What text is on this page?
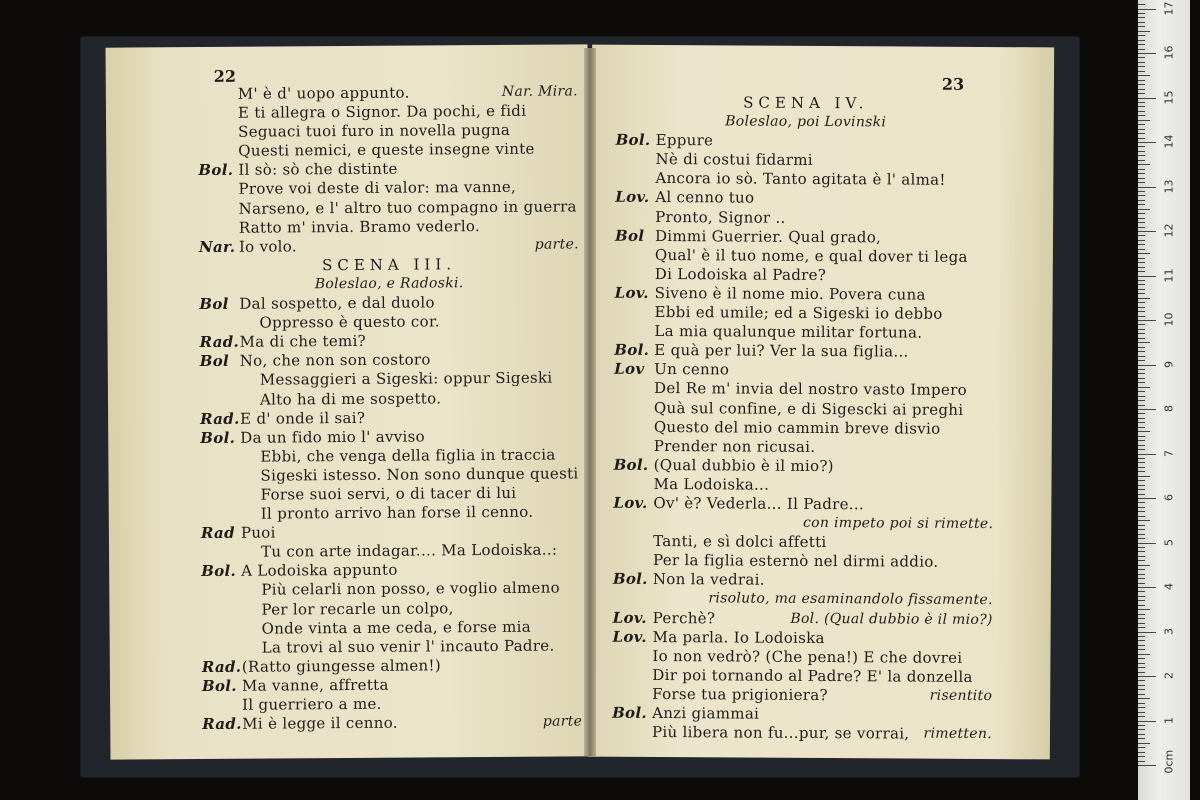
22
M' è d' uopo appunto.	Nar. Mira.
E ti allegra o Signor. Da pochi, e fidi
Seguaci tuoi furo in novella pugna
Questi nemici, e queste insegne vinte
Bol. Il sò: sò che distinte
Prove voi deste di valor: ma vanne,
Narseno, e l' altro tuo compagno in guerra
Ratto m' invia. Bramo vederlo.
Nar. Io volo.	parte.
SCENA III.
Boleslao, e Radoski.
Bol Dal sospetto, e dal duolo
Oppresso è questo cor.
Rad.Ma di che temi?
Bol No, che non son costoro
Messaggieri a Sigeski: oppur Sigeski
Alto ha di me sospetto.
Rad.E d' onde il sai?
Bol. Da un fido mio l' avviso
Ebbi, che venga della figlia in traccia
Sigeski istesso. Non sono dunque questi
Forse suoi servi, o di tacer di lui
Il pronto arrivo han forse il cenno.
Rad Puoi
Tu con arte indagar.... Ma Lodoiska..:
Bol. A Lodoiska appunto
Più celarli non posso, e voglio almeno
Per lor recarle un colpo,
Onde vinta a me ceda, e forse mia
La trovi al suo venir l' incauto Padre.
Rad.(Ratto giungesse almen!)
Bol. Ma vanne, affretta
Il guerriero a me.
Rad.Mi è legge il cenno.	parte
23
SCENA IV.
Boleslao, poi Lovinski
Bol. Eppure
Nè di costui fidarmi
Ancora io sò. Tanto agitata è l' alma!
Lov. Al cenno tuo
Pronto, Signor ..
Bol Dimmi Guerrier. Qual grado,
Qual' è il tuo nome, e qual dover ti lega
Di Lodoiska al Padre?
Lov. Siveno è il nome mio. Povera cuna
Ebbi ed umile; ed a Sigeski io debbo
La mia qualunque militar fortuna.
Bol. E quà per lui? Ver la sua figlia...
Lov Un cenno
Del Re m' invia del nostro vasto Impero
Quà sul confine, e di Sigescki ai preghi
Questo del mio cammin breve disvio
Prender non ricusai.
Bol. (Qual dubbio è il mio?)
Ma Lodoiska...
Lov. Ov' è? Vederla... Il Padre...
con impeto poi si rimette.
Tanti, e sì dolci affetti
Per la figlia esternò nel dirmi addio.
Bol. Non la vedrai.
risoluto, ma esaminandolo fissamente.
Lov. Perchè?	Bol. (Qual dubbio è il mio?)
Lov. Ma parla. Io Lodoiska
Io non vedrò? (Che pena!) E che dovrei
Dir poi tornando al Padre? E' la donzella
Forse tua prigioniera?	risentito
Bol. Anzi giammai
Più libera non fu...pur, se vorrai, rimetten.
17
16
15
14
13
12
11
10
9
8
7
6
5
4
3
2
1
0cm
